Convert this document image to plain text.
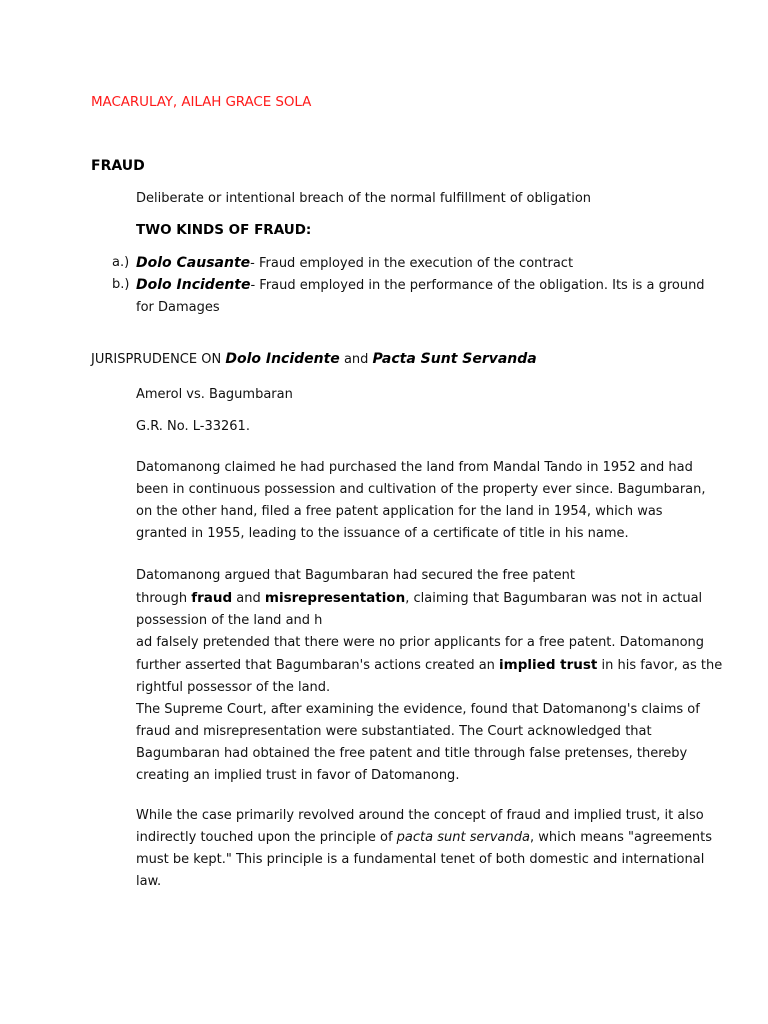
MACARULAY, AILAH GRACE SOLA
FRAUD
Deliberate or intentional breach of the normal fulfillment of obligation
TWO KINDS OF FRAUD:
a.) Dolo Causante- Fraud employed in the execution of the contract
b.) Dolo Incidente- Fraud employed in the performance of the obligation. Its is a ground
for Damages
JURISPRUDENCE ON Dolo Incidente and Pacta Sunt Servanda
Amerol vs. Bagumbaran
G.R. No. L-33261.
Datomanong claimed he had purchased the land from Mandal Tando in 1952 and had
been in continuous possession and cultivation of the property ever since. Bagumbaran,
on the other hand, filed a free patent application for the land in 1954, which was
granted in 1955, leading to the issuance of a certificate of title in his name.
Datomanong argued that Bagumbaran had secured the free patent
through fraud and misrepresentation, claiming that Bagumbaran was not in actual
possession of the land and h
ad falsely pretended that there were no prior applicants for a free patent. Datomanong
further asserted that Bagumbaran's actions created an implied trust in his favor, as the
rightful possessor of the land.
The Supreme Court, after examining the evidence, found that Datomanong's claims of
fraud and misrepresentation were substantiated. The Court acknowledged that
Bagumbaran had obtained the free patent and title through false pretenses, thereby
creating an implied trust in favor of Datomanong.
While the case primarily revolved around the concept of fraud and implied trust, it also
indirectly touched upon the principle of pacta sunt servanda, which means "agreements
must be kept." This principle is a fundamental tenet of both domestic and international
law.
